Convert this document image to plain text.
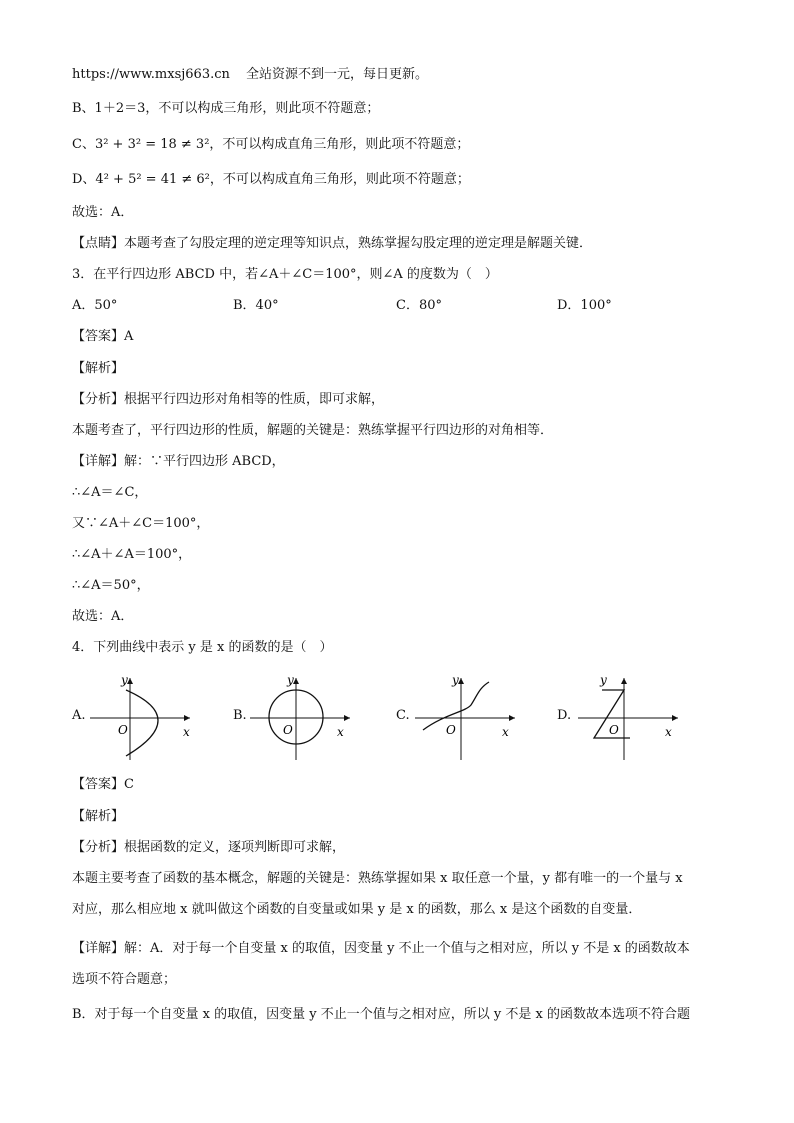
https://www.mxsj663.cn 全站资源不到一元，每日更新。
B、1＋2＝3，不可以构成三角形，则此项不符题意；
C、3² + 3² = 18 ≠ 3²，不可以构成直角三角形，则此项不符题意；
D、4² + 5² = 41 ≠ 6²，不可以构成直角三角形，则此项不符题意；
故选：A．
【点睛】本题考查了勾股定理的逆定理等知识点，熟练掌握勾股定理的逆定理是解题关键．
3．在平行四边形 ABCD 中，若∠A＋∠C＝100°，则∠A 的度数为（　）
A．50°	B．40°	C．80°	D．100°
【答案】A
【解析】
【分析】根据平行四边形对角相等的性质，即可求解，
本题考查了，平行四边形的性质，解题的关键是：熟练掌握平行四边形的对角相等．
【详解】解：∵平行四边形 ABCD，
∴∠A＝∠C，
又∵∠A＋∠C＝100°，
∴∠A＋∠A＝100°，
∴∠A＝50°，
故选：A．
4．下列曲线中表示 y 是 x 的函数的是（　）
A.
y
x
O
B.
y
x
O
C.
y
x
O
D.
y
x
O
【答案】C
【解析】
【分析】根据函数的定义，逐项判断即可求解，
本题主要考查了函数的基本概念，解题的关键是：熟练掌握如果 x 取任意一个量，y 都有唯一的一个量与 x
对应，那么相应地 x 就叫做这个函数的自变量或如果 y 是 x 的函数，那么 x 是这个函数的自变量．
【详解】解：A．对于每一个自变量 x 的取值，因变量 y 不止一个值与之相对应，所以 y 不是 x 的函数故本
选项不符合题意；
B．对于每一个自变量 x 的取值，因变量 y 不止一个值与之相对应，所以 y 不是 x 的函数故本选项不符合题
